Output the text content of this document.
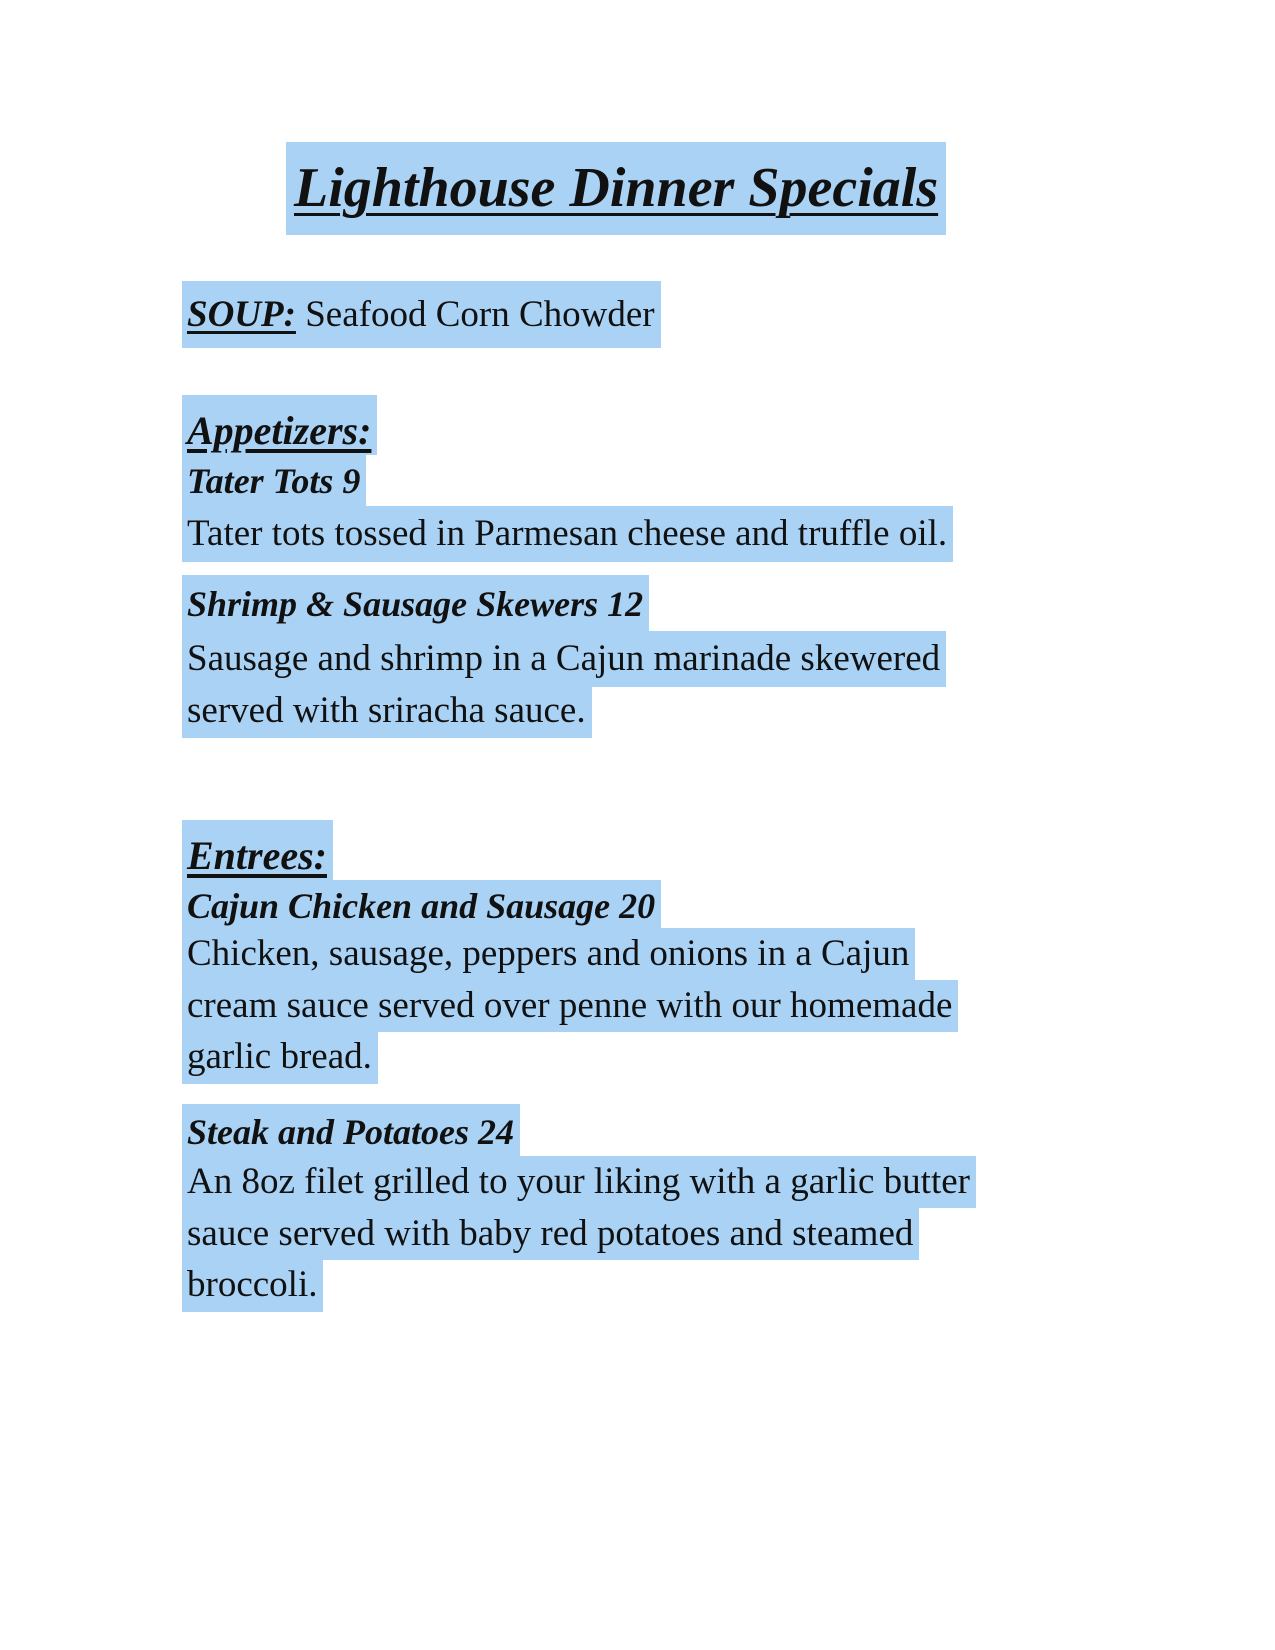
Lighthouse Dinner Specials
SOUP: Seafood Corn Chowder
Appetizers:
Tater Tots 9
Tater tots tossed in Parmesan cheese and truffle oil.
Shrimp & Sausage Skewers 12
Sausage and shrimp in a Cajun marinade skewered
served with sriracha sauce.
Entrees:
Cajun Chicken and Sausage 20
Chicken, sausage, peppers and onions in a Cajun
cream sauce served over penne with our homemade
garlic bread.
Steak and Potatoes 24
An 8oz filet grilled to your liking with a garlic butter
sauce served with baby red potatoes and steamed
broccoli.
